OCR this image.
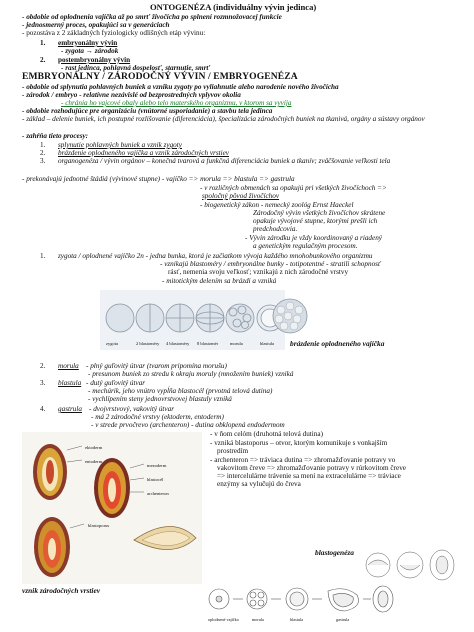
ONTOGENÉZA (individuálny vývin jedinca)
- obdobie od oplodnenia vajíčka až po smrť živočícha po splnení rozmnožovacej funkcie
- jednosmerný proces, opakujúci sa v generáciach
- pozostáva z 2 základných fyziologicky odlišných etáp vývinu:
1. embryonálny vývin
- zygota → zárodok
2. postembryonálny vývin
- rast jedinca, pohlavná dospelosť, starnutie, smrť
EMBRYONÁLNY / ZÁRODOČNÝ VÝVIN / EMBRYOGENÉZA
- obdobie od splynutia pohlavných buniek a vzniku zygoty po vyliahnutie alebo narodenie nového živočícha
- zárodok / embryo - relatívne nezávislé od bezprostredných vplyvov okolia
- chránia ho vajcové obaly alebo telo materského organizmu, v ktorom sa vyvíja
- obdobie rozhodujúce pre organizáciu (vnútorné usporiadanie) a stavbu tela jedinca
- základ – delenie buniek, ich postupné rozlišovanie (diferenciácia), špecializácia zárodočných buniek na tkanivá, orgány a sústavy orgánov
- zahŕňa tieto procesy:
1. splynutie pohlavných buniek a vznik zygoty
2. brázdenie oplodneného vajíčka a vznik zárodočných vrstiev
3. organogenéza / vývin orgánov – konečná tvarová a funkčná diferenciácia buniek a tkanív; zväčšovanie veľkosti tela
- prekonávajú jednotné štádiá (vývinové stupne) - vajíčko => morula => blastula => gastrula
- v rozličných obmenách sa opakujú pri všetkých živočíchoch =>
spoločný pôvod živočíchov
- biogenetický zákon - nemecký zoológ Ernst Haeckel
Zárodočný vývin všetkých živočíchov skrátene
opakuje vývojové stupne, ktorými prešli ich
predchodcovia.
- Vývin zárodku je vždy koordinovaný a riadený
a genetickým regulačným procesom.
1. zygota / oplodnené vajíčko 2n - jedna bunka, ktorá je začiatkom vývoja každého mnohobunkového organizmu
- vznikajú blastoméry / embryonálne bunky - totipotentné - stratili schopnosť
rásť, nemenia svoju veľkosť; vznikajú z nich zárodočné vrstvy
- mitotickým delením sa brázdi a vzniká
zygota	2 blastoméry 4 blastoméry 8 blastomér	morula	blastula brázdenie oplodneného vajíčka
2. morula - plný guľovitý útvar (tvarom pripomína morušu)
- presunom buniek zo stredu k okraju moruly (množením buniek) vzniká
3. blastula - dutý guľovitý útvar
- mechúrik, jeho vnútro vypĺňa blastocél (prvotná telová dutina)
- vychlípením steny jednovrstvovej blastuly vzniká
4. gastrula - dvojvrstvový, vakovitý útvar
- má 2 zárodočné vrstvy (ektoderm, entoderm)
- v strede prvočrevo (archenteron) - dutina obklopená endodermom
- v ňom celóm (druhotná telová dutina)
- vzniká blastoporus – otvor, ktorým komunikuje s vonkajším
prostredím
- archenteron => tráviaca dutina => zhromažďovanie potravy vo
vakovitom čreve => zhromažďovanie potravy v rúrkovitom čreve
=> intercelulárne trávenie sa mení na extracelulárne => tráviace
enzýmy sa vylučujú do čreva
ektoderm
entoderm
mezoderm
blastocél
archenteron
blastoporus
vznik zárodočných vrstiev
blastogenéza
oplodnené vajíčko	morula	blastula	gastrula
